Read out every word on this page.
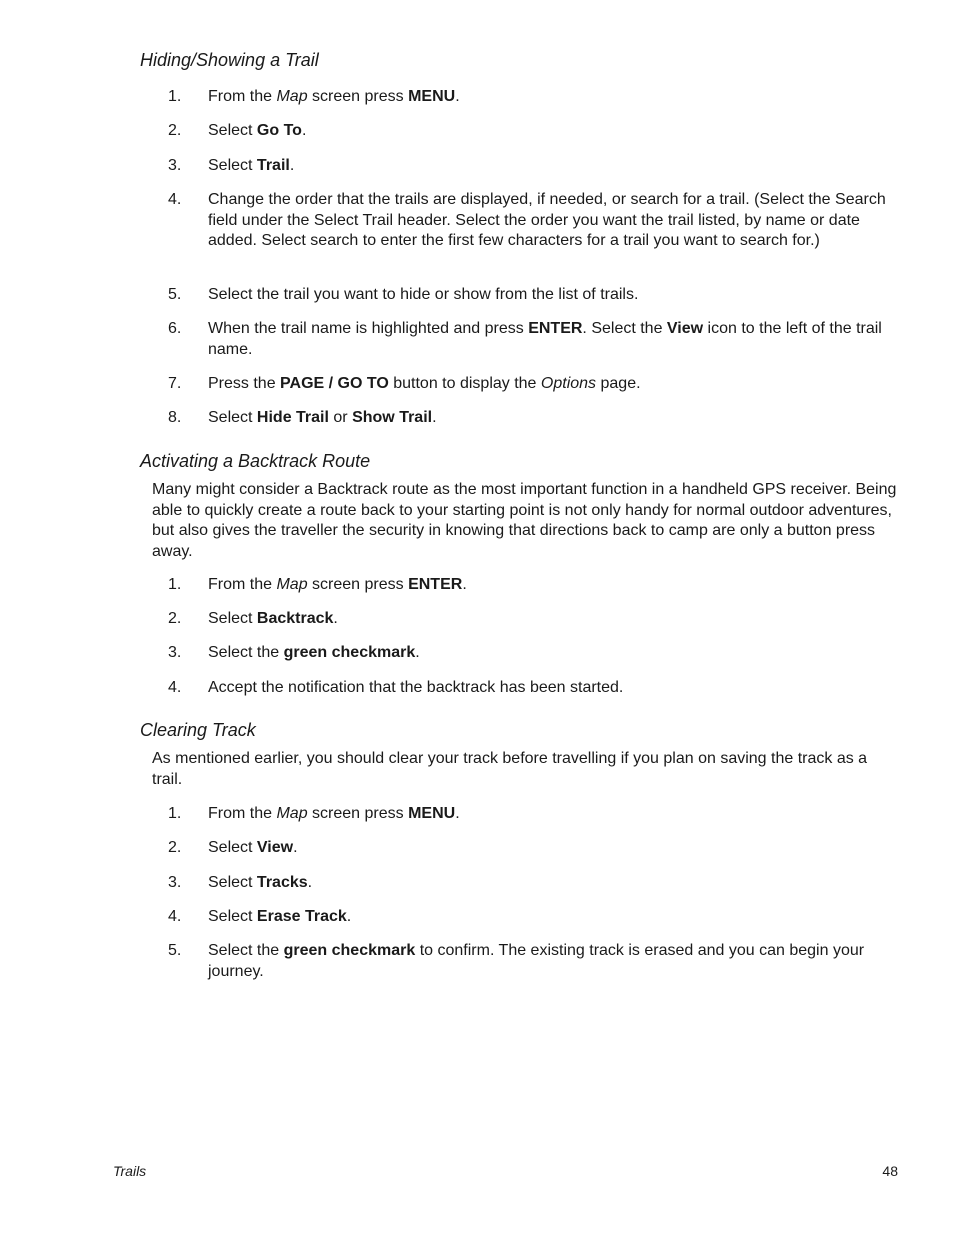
Hiding/Showing a Trail
1.	From the Map screen press MENU.
2.	Select Go To.
3.	Select Trail.
4.	Change the order that the trails are displayed, if needed, or search for a trail. (Select the Search field under the Select Trail header. Select the order you want the trail listed, by name or date added. Select search to enter the first few characters for a trail you want to search for.)
5.	Select the trail you want to hide or show from the list of trails.
6.	When the trail name is highlighted and press ENTER. Select the View icon to the left of the trail name.
7.	Press the PAGE / GO TO button to display the Options page.
8.	Select Hide Trail or Show Trail.
Activating a Backtrack Route

Many might consider a Backtrack route as the most important function in a handheld GPS receiver. Being able to quickly create a route back to your starting point is not only handy for normal outdoor adventures, but also gives the traveller the security in knowing that directions back to camp are only a button press away.

1.	From the Map screen press ENTER.
2.	Select Backtrack.
3.	Select the green checkmark.
4.	Accept the notification that the backtrack has been started.
Clearing Track

As mentioned earlier, you should clear your track before travelling if you plan on saving the track as a trail.

1.	From the Map screen press MENU.
2.	Select View.
3.	Select Tracks.
4.	Select Erase Track.
5.	Select the green checkmark to confirm. The existing track is erased and you can begin your journey.
Trails	48
